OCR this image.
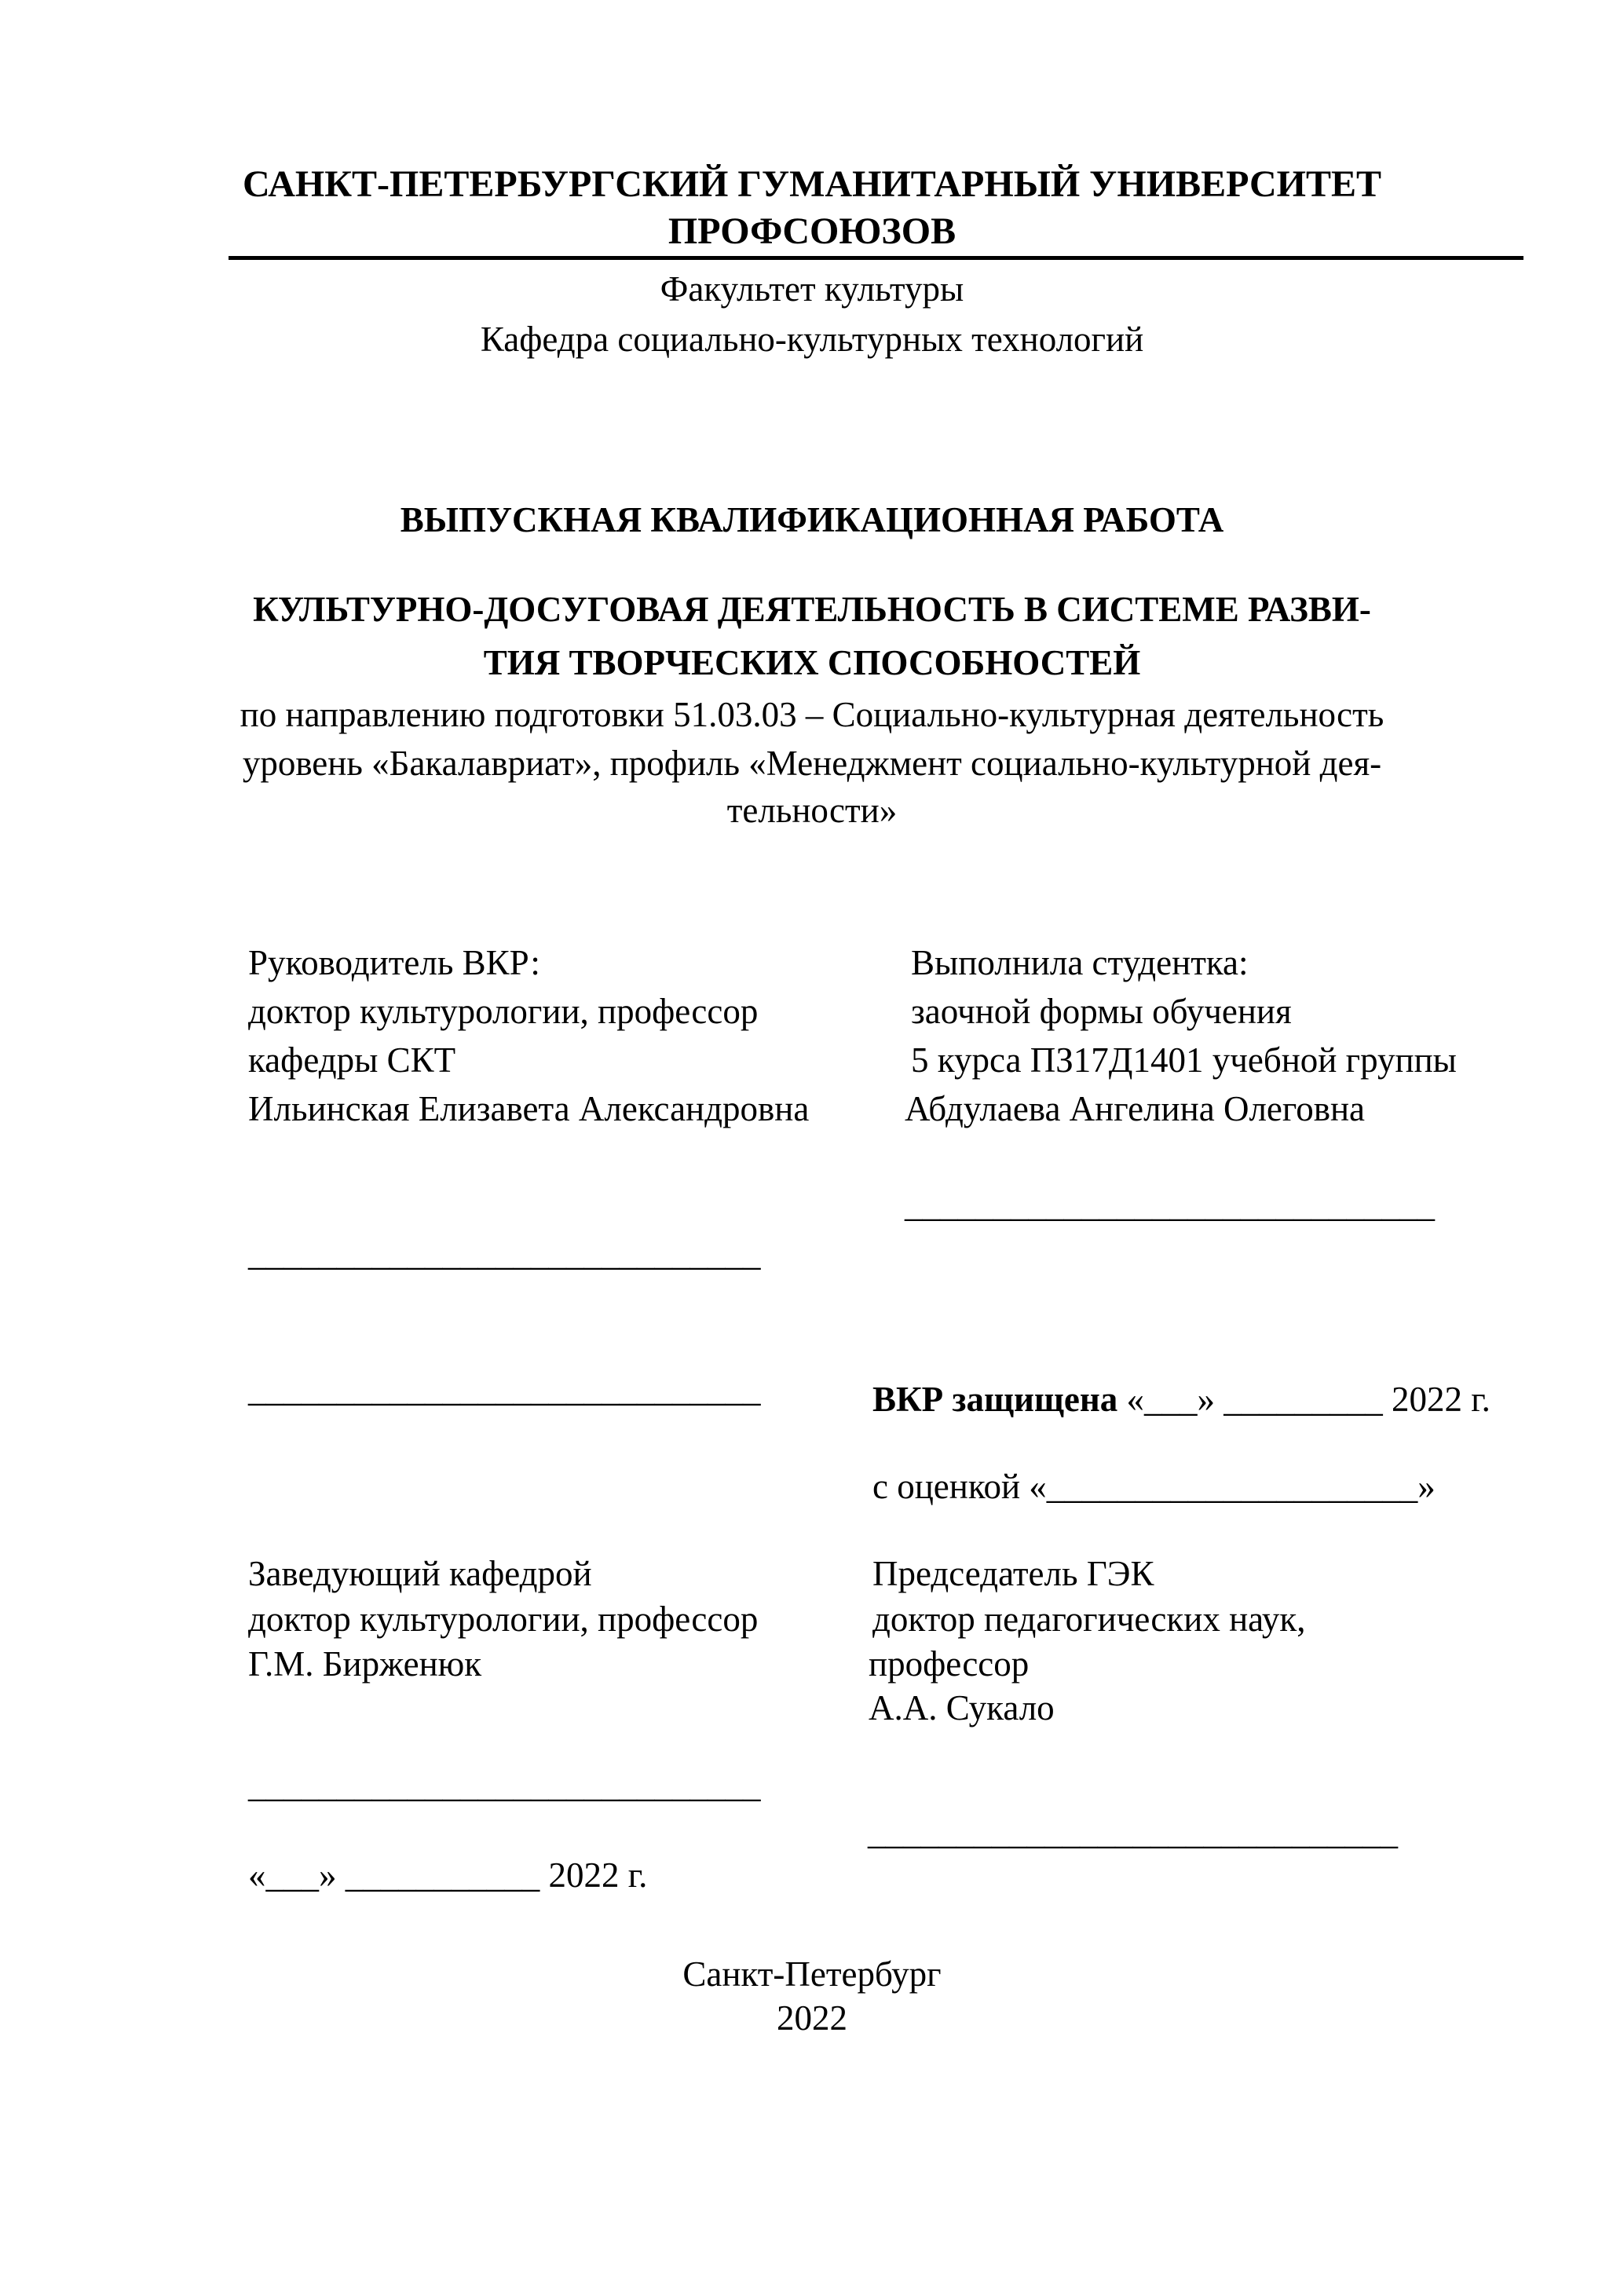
САНКТ-ПЕТЕРБУРГСКИЙ ГУМАНИТАРНЫЙ УНИВЕРСИТЕТ
ПРОФСОЮЗОВ
Факультет культуры
Кафедра социально-культурных технологий
ВЫПУСКНАЯ КВАЛИФИКАЦИОННАЯ РАБОТА
КУЛЬТУРНО-ДОСУГОВАЯ ДЕЯТЕЛЬНОСТЬ В СИСТЕМЕ РАЗВИ-
ТИЯ ТВОРЧЕСКИХ СПОСОБНОСТЕЙ
по направлению подготовки 51.03.03 – Социально-культурная деятельность
уровень «Бакалавриат», профиль «Менеджмент социально-культурной дея-
тельности»
Руководитель ВКР:
доктор культурологии, профессор
кафедры СКТ
Ильинская Елизавета Александровна
Выполнила студентка:
заочной формы обучения
5 курса ПЗ17Д1401 учебной группы
Абдулаева Ангелина Олеговна
______________________________
_____________________________
_____________________________	ВКР защищена «___» _________ 2022 г.
с оценкой «_____________________»
Заведующий кафедрой
доктор культурологии, профессор
Г.М. Бирженюк
Председатель ГЭК
доктор педагогических наук,
профессор
А.А. Сукало
_____________________________
______________________________
«___» ___________ 2022 г.
Санкт-Петербург
2022
